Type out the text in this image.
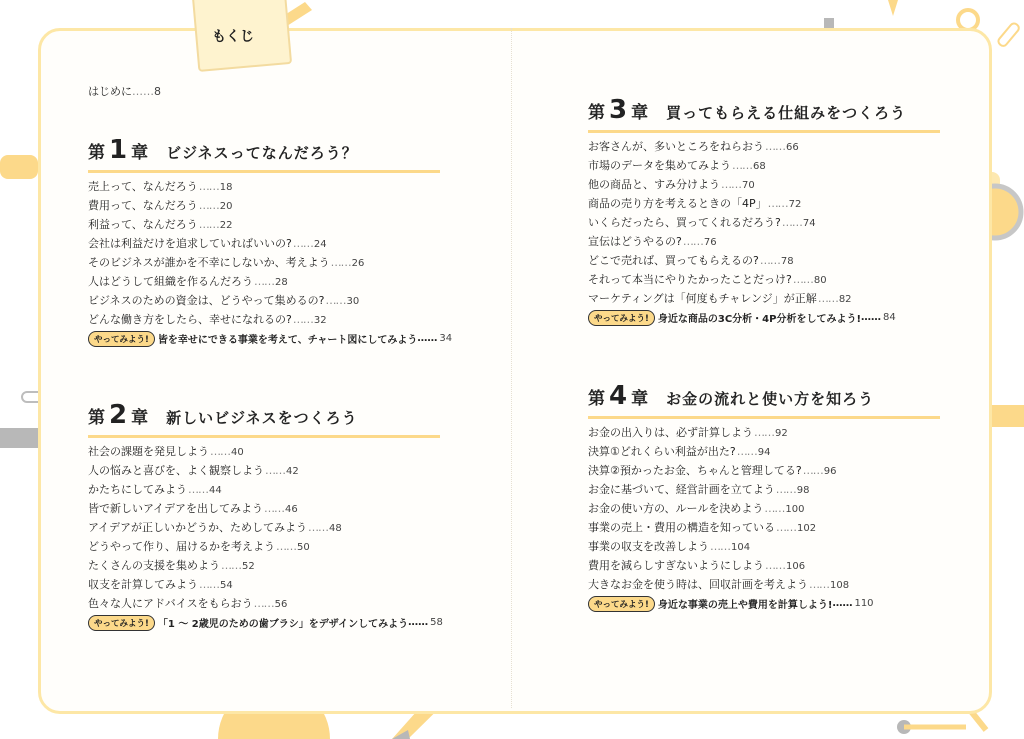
もくじ
はじめに……8
第 1 章 ビジネスってなんだろう？
売上って、なんだろう……18
費用って、なんだろう……20
利益って、なんだろう……22
会社は利益だけを追求していればいいの?……24
そのビジネスが誰かを不幸にしないか、考えよう……26
人はどうして組織を作るんだろう……28
ビジネスのための資金は、どうやって集めるの?……30
どんな働き方をしたら、幸せになれるの?……32
やってみよう! 皆を幸せにできる事業を考えて、チャート図にしてみよう …… 34
第 2 章 新しいビジネスをつくろう
社会の課題を発見しよう……40
人の悩みと喜びを、よく観察しよう……42
かたちにしてみよう……44
皆で新しいアイデアを出してみよう……46
アイデアが正しいかどうか、ためしてみよう……48
どうやって作り、届けるかを考えよう……50
たくさんの支援を集めよう……52
収支を計算してみよう……54
色々な人にアドバイスをもらおう……56
やってみよう! 「1 ～ 2歳児のための歯ブラシ」をデザインしてみよう …… 58
第 3 章 買ってもらえる仕組みをつくろう
お客さんが、多いところをねらおう……66
市場のデータを集めてみよう……68
他の商品と、すみ分けよう……70
商品の売り方を考えるときの「4P」……72
いくらだったら、買ってくれるだろう?……74
宣伝はどうやるの?……76
どこで売れば、買ってもらえるの?……78
それって本当にやりたかったことだっけ?……80
マーケティングは「何度もチャレンジ」が正解……82
やってみよう! 身近な商品の3C分析・4P分析をしてみよう! …… 84
第 4 章 お金の流れと使い方を知ろう
お金の出入りは、必ず計算しよう……92
決算①どれくらい利益が出た?……94
決算②預かったお金、ちゃんと管理してる?……96
お金に基づいて、経営計画を立てよう……98
お金の使い方の、ルールを決めよう……100
事業の売上・費用の構造を知っている……102
事業の収支を改善しよう……104
費用を減らしすぎないようにしよう……106
大きなお金を使う時は、回収計画を考えよう……108
やってみよう! 身近な事業の売上や費用を計算しよう! …… 110
